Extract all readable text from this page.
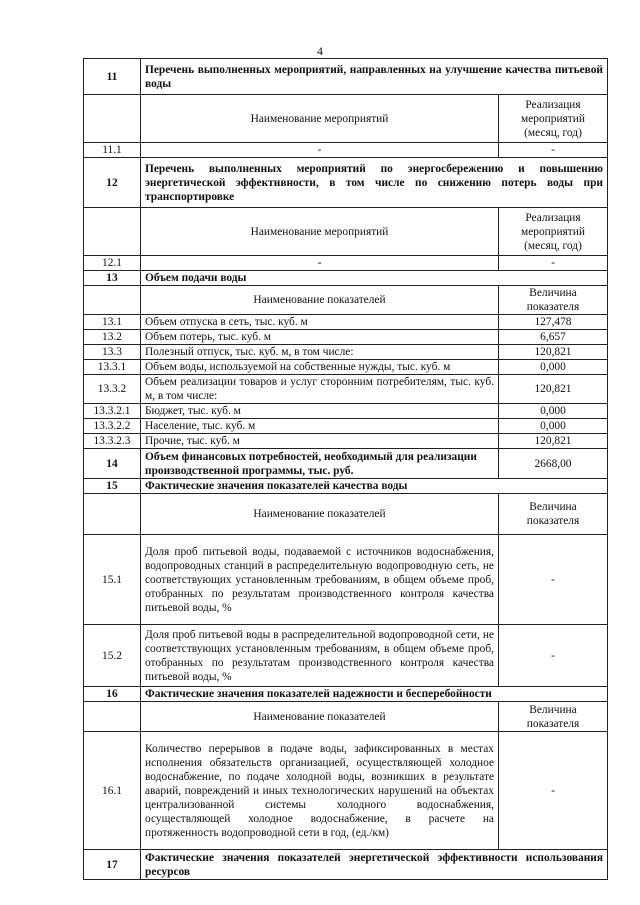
4
11	Перечень выполненных мероприятий, направленных на улучшение качества питьевой воды	
	Наименование мероприятий	Реализация мероприятий (месяц, год)
11.1	-	-
12	Перечень выполненных мероприятий по энергосбережению и повышению энергетической эффективности, в том числе по снижению потерь воды при транспортировке	
	Наименование мероприятий	Реализация мероприятий (месяц, год)
12.1	-	-
13	Объем подачи воды	
	Наименование показателей	Величина показателя
13.1	Объем отпуска в сеть, тыс. куб. м	127,478
13.2	Объем потерь, тыс. куб. м	6,657
13.3	Полезный отпуск, тыс. куб. м, в том числе:	120,821
13.3.1	Объем воды, используемой на собственные нужды, тыс. куб. м	0,000
13.3.2	Объем реализации товаров и услуг сторонним потребителям, тыс. куб. м, в том числе:	120,821
13.3.2.1	Бюджет, тыс. куб. м	0,000
13.3.2.2	Население, тыс. куб. м	0,000
13.3.2.3	Прочие, тыс. куб. м	120,821
14	Объем финансовых потребностей, необходимый для реализации производственной программы, тыс. руб.	2668,00
15	Фактические значения показателей качества воды	
	Наименование показателей	Величина показателя
15.1	Доля проб питьевой воды, подаваемой с источников водоснабжения, водопроводных станций в распределительную водопроводную сеть, не соответствующих установленным требованиям, в общем объеме проб, отобранных по результатам производственного контроля качества питьевой воды, %	-
15.2	Доля проб питьевой воды в распределительной водопроводной сети, не соответствующих установленным требованиям, в общем объеме проб, отобранных по результатам производственного контроля качества питьевой воды, %	-
16	Фактические значения показателей надежности и бесперебойности	
	Наименование показателей	Величина показателя
16.1	Количество перерывов в подаче воды, зафиксированных в местах исполнения обязательств организацией, осуществляющей холодное водоснабжение, по подаче холодной воды, возникших в результате аварий, повреждений и иных технологических нарушений на объектах централизованной системы холодного водоснабжения, осуществляющей холодное водоснабжение, в расчете на протяженность водопроводной сети в год, (ед./км)	-
17	Фактические значения показателей энергетической эффективности использования ресурсов	
